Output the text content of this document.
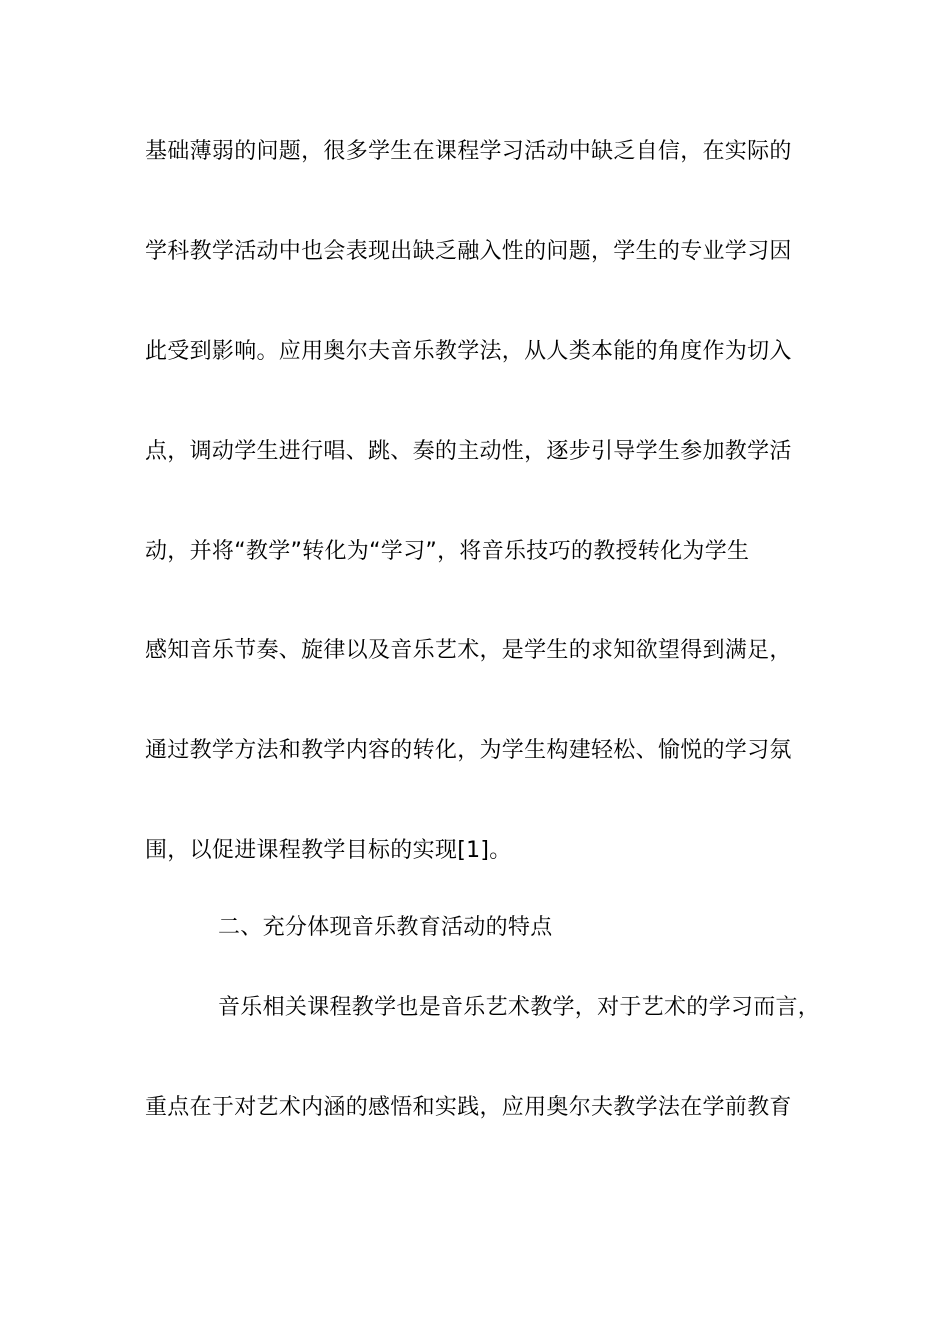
基础薄弱的问题，很多学生在课程学习活动中缺乏自信，在实际的
学科教学活动中也会表现出缺乏融入性的问题，学生的专业学习因
此受到影响。应用奥尔夫音乐教学法，从人类本能的角度作为切入
点，调动学生进行唱、跳、奏的主动性，逐步引导学生参加教学活
动，并将“教学”转化为“学习”，将音乐技巧的教授转化为学生
感知音乐节奏、旋律以及音乐艺术，是学生的求知欲望得到满足，
通过教学方法和教学内容的转化，为学生构建轻松、愉悦的学习氛
围，以促进课程教学目标的实现[1]。
二、充分体现音乐教育活动的特点
音乐相关课程教学也是音乐艺术教学，对于艺术的学习而言，
重点在于对艺术内涵的感悟和实践，应用奥尔夫教学法在学前教育
